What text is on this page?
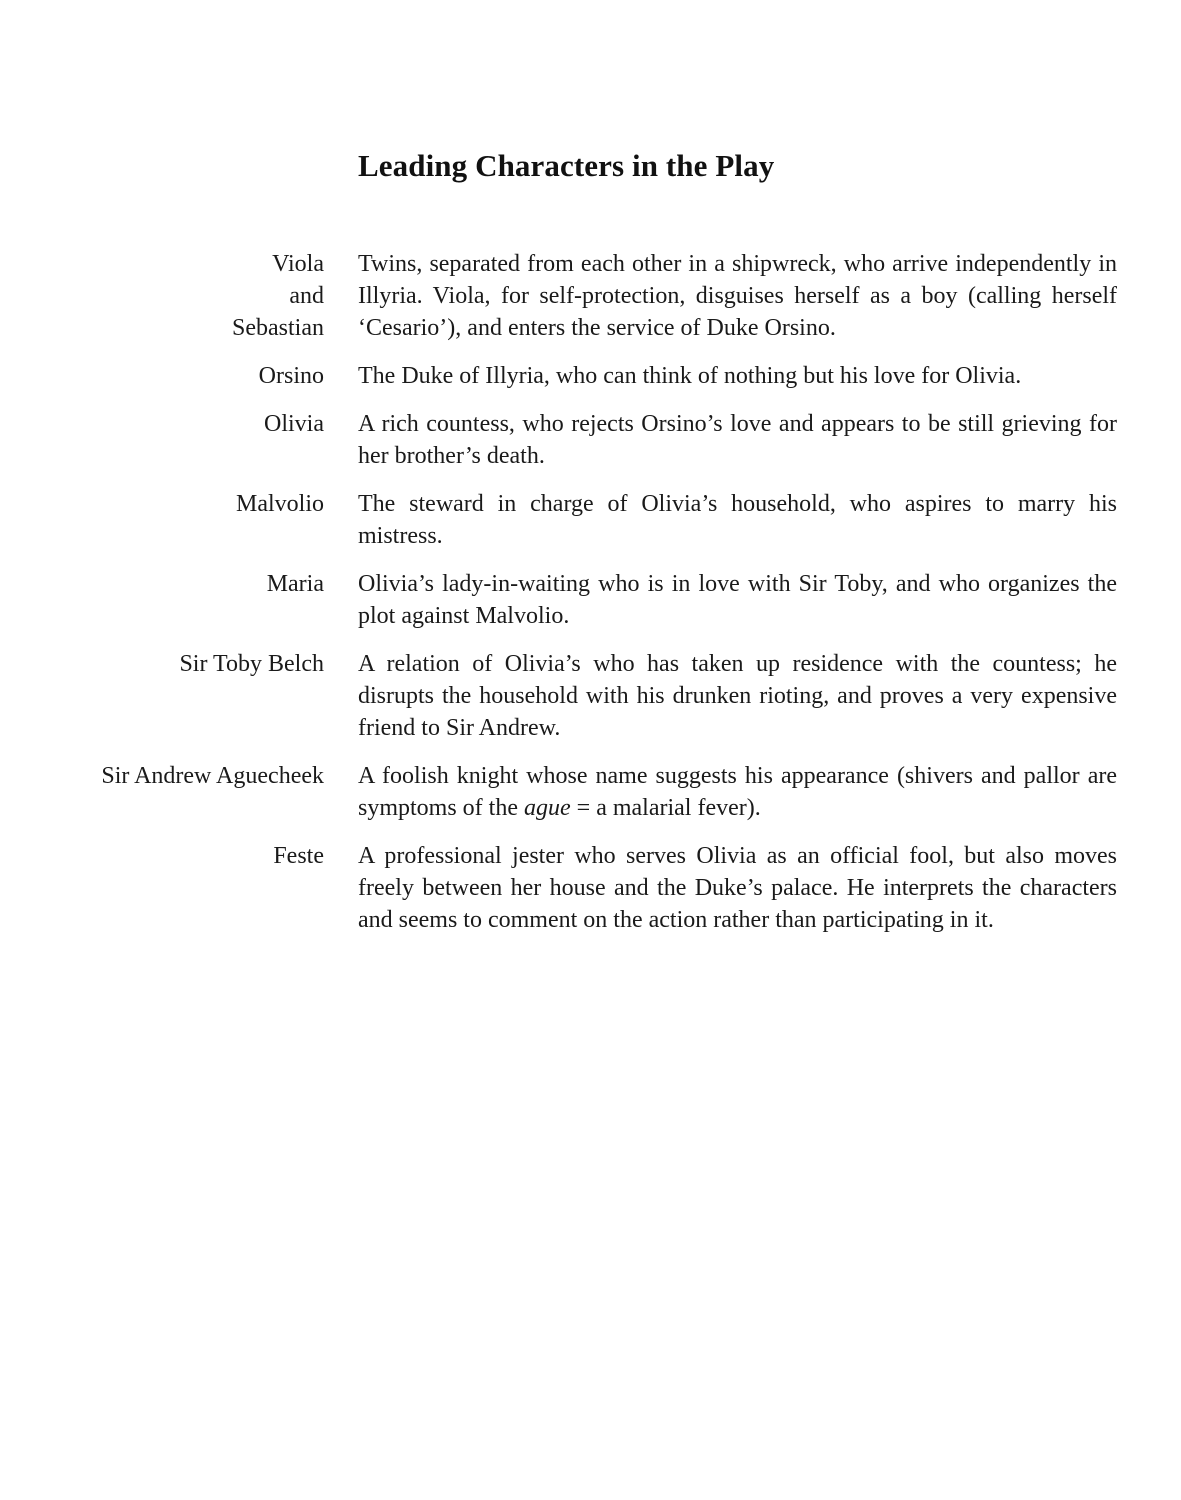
Leading Characters in the Play
Viola
and
Sebastian
Twins, separated from each other in a shipwreck, who arrive independently in Illyria. Viola, for self-protection, disguises herself as a boy (calling herself ‘Cesario’), and enters the service of Duke Orsino.
Orsino The Duke of Illyria, who can think of nothing but his love for Olivia.
Olivia A rich countess, who rejects Orsino’s love and appears to be still grieving for her brother’s death.
Malvolio The steward in charge of Olivia’s household, who aspires to marry his mistress.
Maria Olivia’s lady-in-waiting who is in love with Sir Toby, and who organizes the plot against Malvolio.
Sir Toby Belch A relation of Olivia’s who has taken up residence with the countess; he disrupts the household with his drunken rioting, and proves a very expensive friend to Sir Andrew.
Sir Andrew Aguecheek A foolish knight whose name suggests his appearance (shivers and pallor are symptoms of the ague = a malarial fever).
Feste A professional jester who serves Olivia as an official fool, but also moves freely between her house and the Duke’s palace. He interprets the characters and seems to comment on the action rather than participating in it.
